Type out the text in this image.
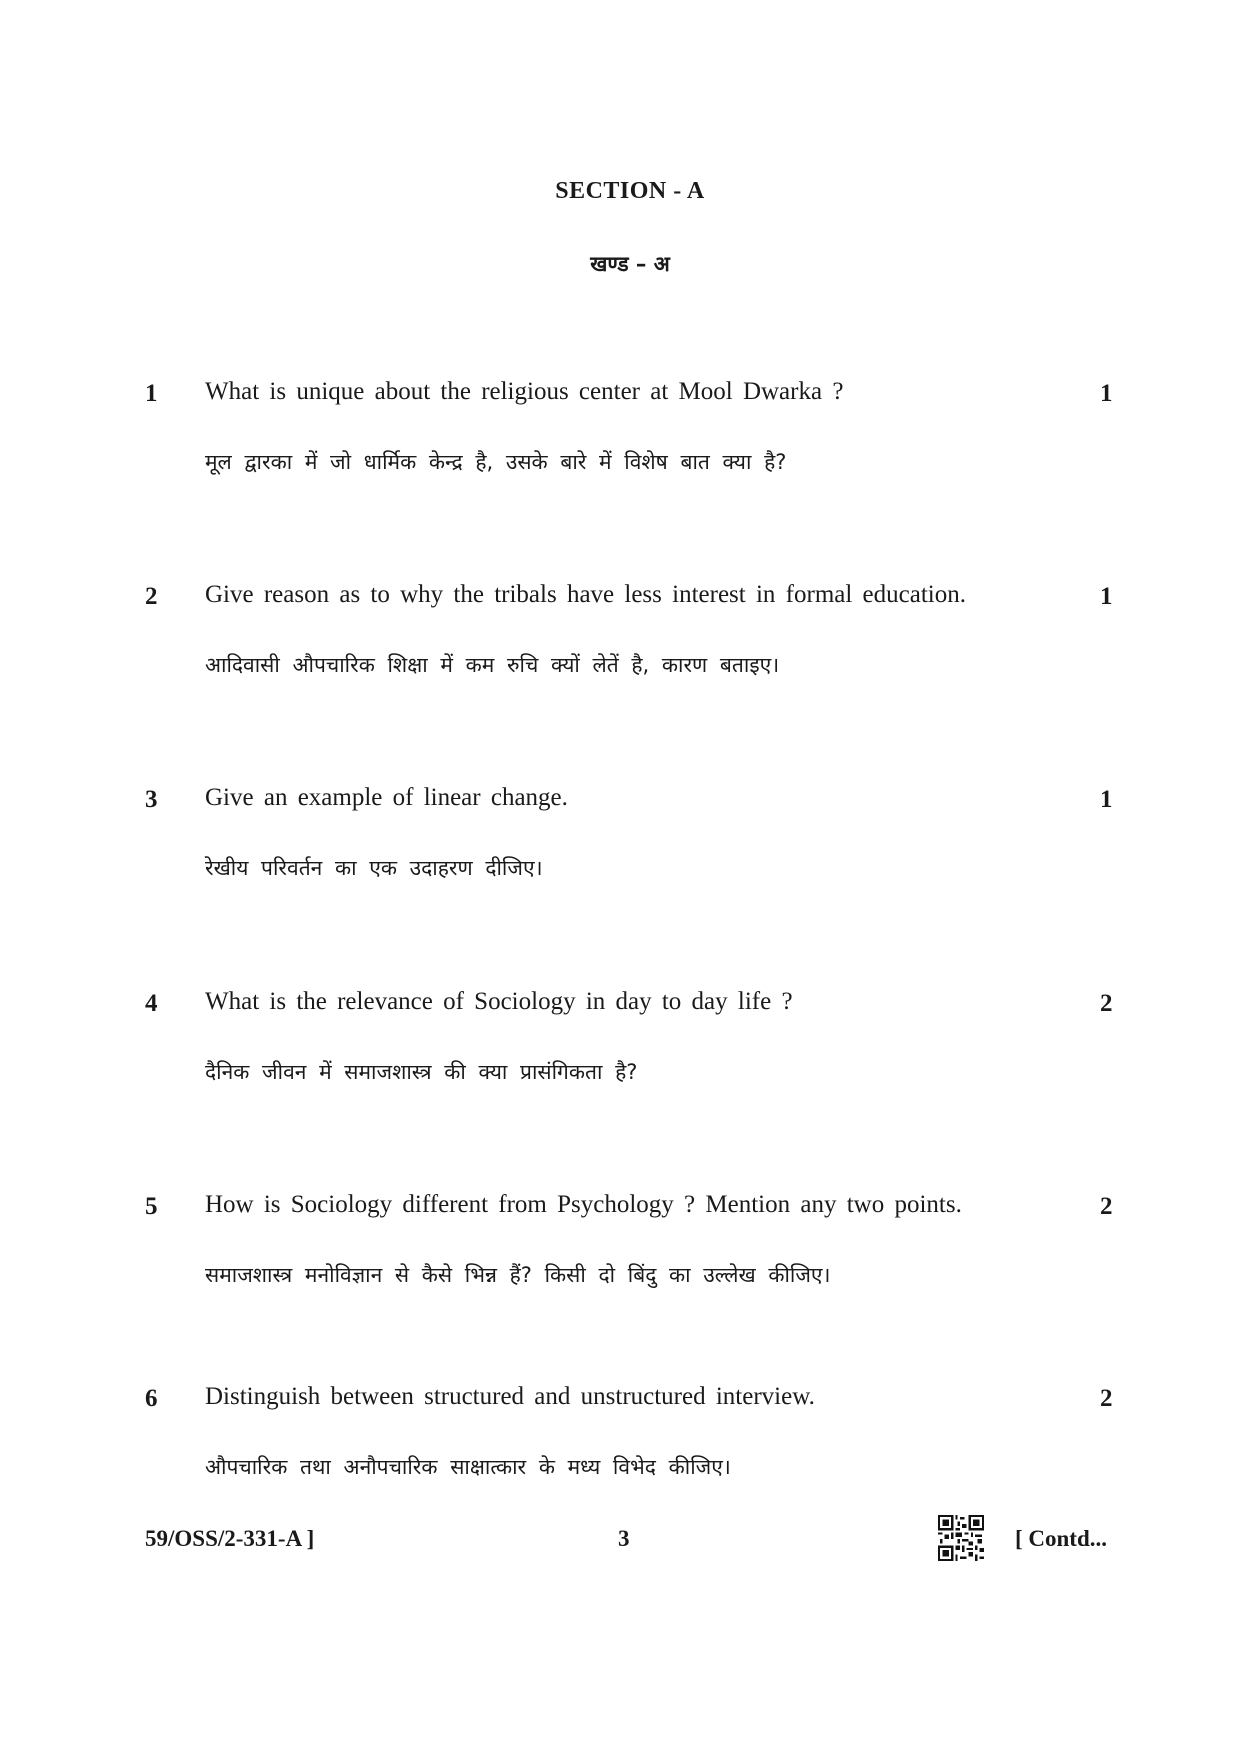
SECTION - A
खण्ड – अ
1 What is unique about the religious center at Mool Dwarka ?
मूल द्वारका में जो धार्मिक केन्द्र है, उसके बारे में विशेष बात क्या है?
1
2 Give reason as to why the tribals have less interest in formal education.
आदिवासी औपचारिक शिक्षा में कम रुचि क्यों लेतें है, कारण बताइए।
1
3 Give an example of linear change.
रेखीय परिवर्तन का एक उदाहरण दीजिए।
1
4 What is the relevance of Sociology in day to day life ?
दैनिक जीवन में समाजशास्त्र की क्या प्रासंगिकता है?
2
5 How is Sociology different from Psychology ? Mention any two points.
समाजशास्त्र मनोविज्ञान से कैसे भिन्न हैं? किसी दो बिंदु का उल्लेख कीजिए।
2
6 Distinguish between structured and unstructured interview.
औपचारिक तथा अनौपचारिक साक्षात्कार के मध्य विभेद कीजिए।
2
59/OSS/2-331-A ]	3	[ Contd...
